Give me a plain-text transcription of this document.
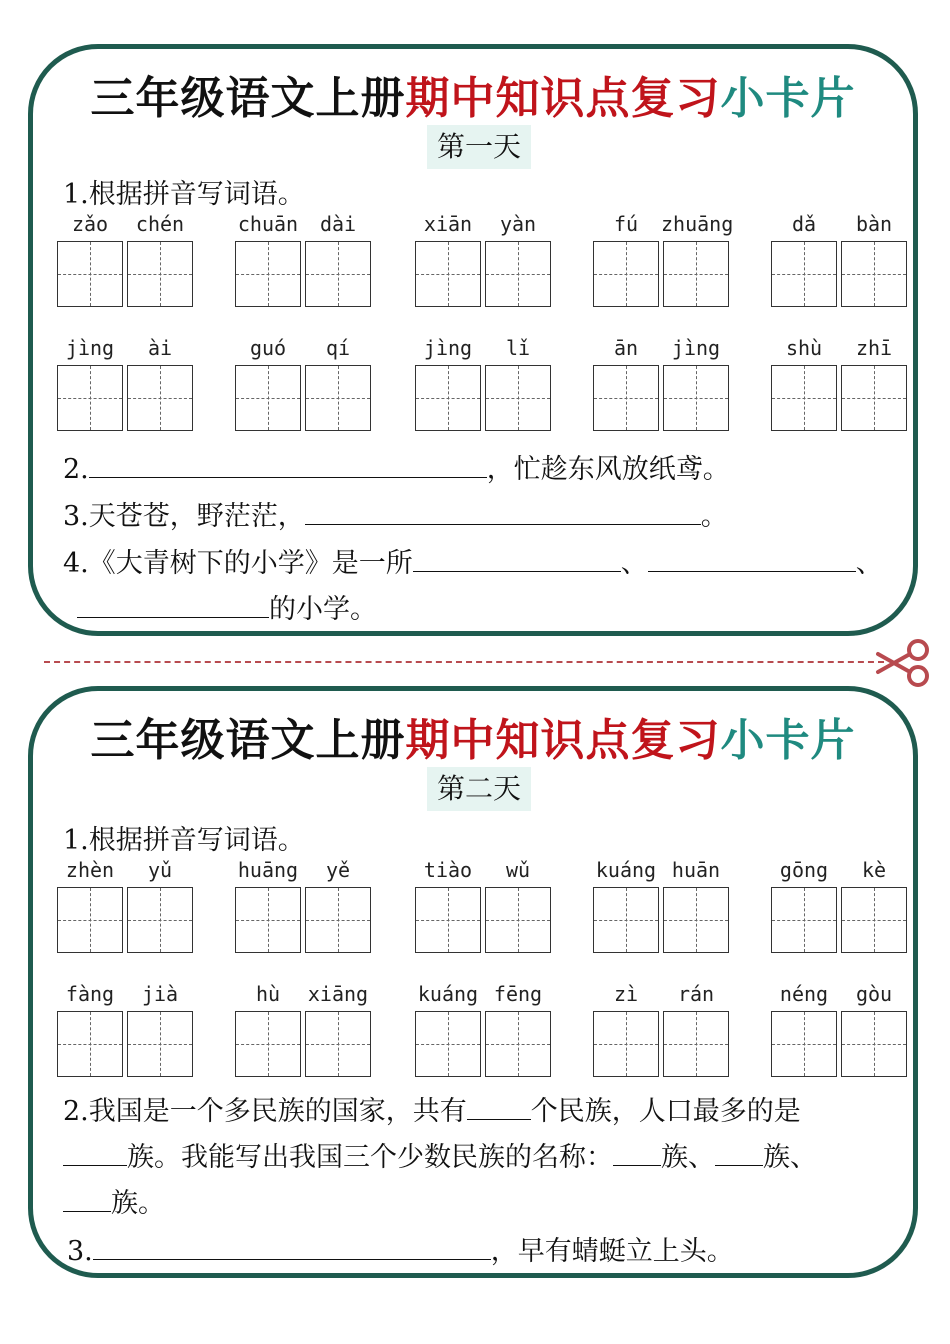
三年级语文上册期中知识点复习小卡片
第一天
1.根据拼音写词语。
zǎo	chén	chuān	dài	xiān	yàn	fú	zhuāng	dǎ	bàn
jìng	ài	guó	qí	jìng	lǐ	ān	jìng	shù	zhī
2.	，忙趁东风放纸鸢。
3.天苍苍，野茫茫，	。
4.《大青树下的小学》是一所	、	、
的小学。
三年级语文上册期中知识点复习小卡片
第二天
1.根据拼音写词语。
zhèn	yǔ	huāng	yě	tiào	wǔ	kuáng huān	gōng	kè
fàng	jià	hù	xiāng kuáng fēng	zì	rán	néng	gòu
2.我国是一个多民族的国家，共有 个民族，人口最多的是
族。我能写出我国三个少数民族的名称： 族、 族、
族。
3.	，早有蜻蜓立上头。
